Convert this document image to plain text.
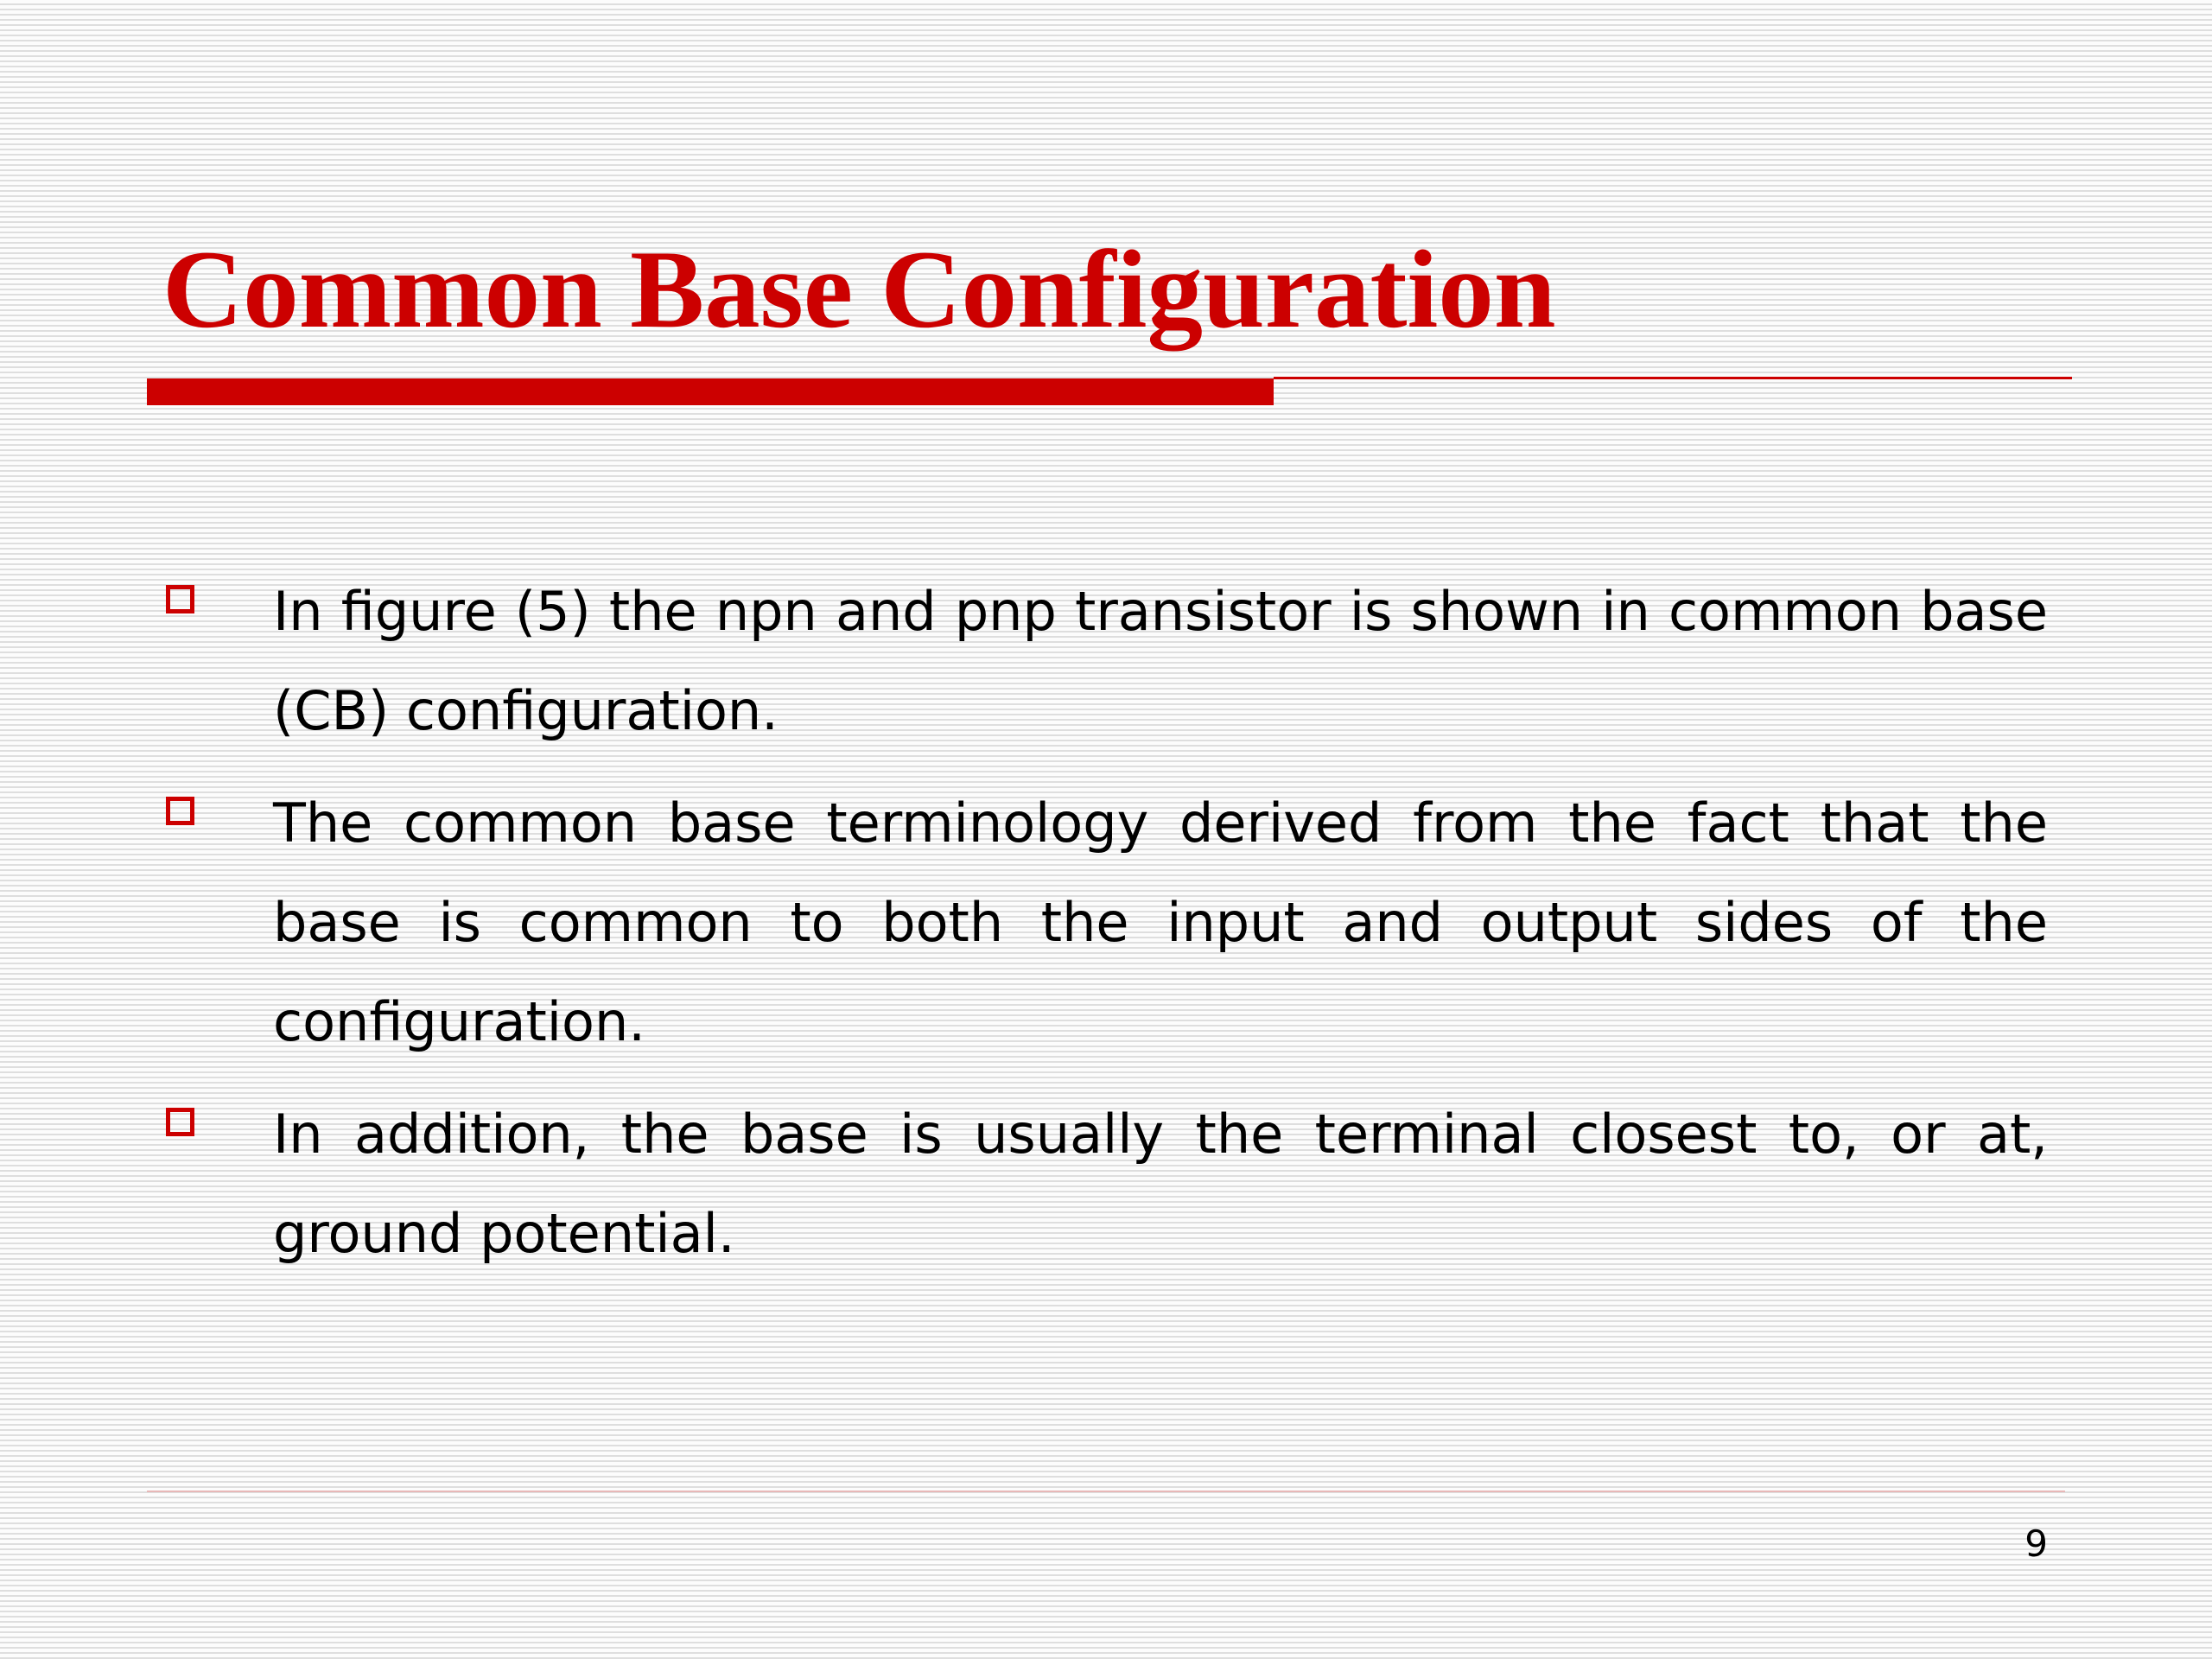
Common Base Configuration
In figure (5) the npn and pnp transistor is shown in common base (CB) configuration.
The common base terminology derived from the fact that the base is common to both the input and output sides of the configuration.
In addition, the base is usually the terminal closest to, or at, ground potential.
9
